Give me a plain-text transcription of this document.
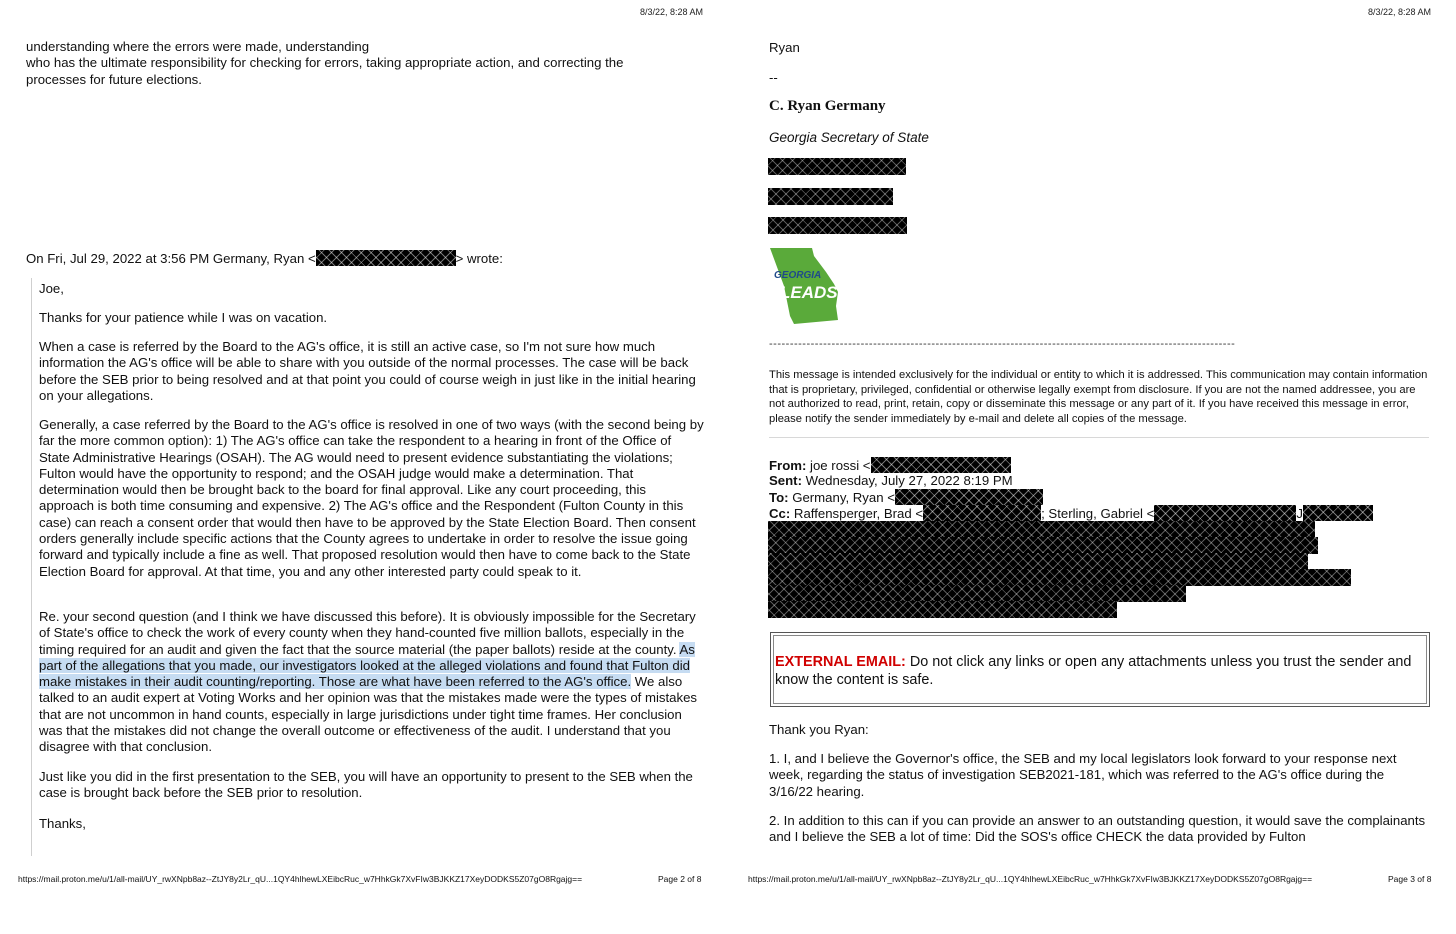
8/3/22, 8:28 AM

understanding where the errors were made, understanding
who has the ultimate responsibility for checking for errors, taking appropriate action, and correcting the
processes for future elections.

On Fri, Jul 29, 2022 at 3:56 PM Germany, Ryan <	> wrote:

Joe,

Thanks for your patience while I was on vacation.

When a case is referred by the Board to the AG's office, it is still an active case, so I'm not sure how much information the AG's office will be able to share with you outside of the normal processes. The case will be back before the SEB prior to being resolved and at that point you could of course weigh in just like in the initial hearing on your allegations.

Generally, a case referred by the Board to the AG's office is resolved in one of two ways (with the second being by far the more common option): 1) The AG's office can take the respondent to a hearing in front of the Office of State Administrative Hearings (OSAH). The AG would need to present evidence substantiating the violations; Fulton would have the opportunity to respond; and the OSAH judge would make a determination. That determination would then be brought back to the board for final approval. Like any court proceeding, this approach is both time consuming and expensive. 2) The AG's office and the Respondent (Fulton County in this case) can reach a consent order that would then have to be approved by the State Election Board. Then consent orders generally include specific actions that the County agrees to undertake in order to resolve the issue going forward and typically include a fine as well. That proposed resolution would then have to come back to the State Election Board for approval. At that time, you and any other interested party could speak to it.

Re. your second question (and I think we have discussed this before). It is obviously impossible for the Secretary of State's office to check the work of every county when they hand-counted five million ballots, especially in the timing required for an audit and given the fact that the source material (the paper ballots) reside at the county. As part of the allegations that you made, our investigators looked at the alleged violations and found that Fulton did make mistakes in their audit counting/reporting. Those are what have been referred to the AG's office. We also talked to an audit expert at Voting Works and her opinion was that the mistakes made were the types of mistakes that are not uncommon in hand counts, especially in large jurisdictions under tight time frames. Her conclusion was that the mistakes did not change the overall outcome or effectiveness of the audit. I understand that you disagree with that conclusion.

Just like you did in the first presentation to the SEB, you will have an opportunity to present to the SEB when the case is brought back before the SEB prior to resolution.

Thanks,

https://mail.proton.me/u/1/all-mail/UY_rwXNpb8az--ZtJY8y2Lr_qU...1QY4hlhewLXEibcRuc_w7HhkGk7XvFIw3BJKKZ17XeyDODKS5Z07gO8Rgajg==	Page 2 of 8
8/3/22, 8:28 AM

Ryan

--

C. Ryan Germany

Georgia Secretary of State

GEORGIA
LEADS
----------------------------------------------------------------------------------------------------------------

This message is intended exclusively for the individual or entity to which it is addressed. This communication may contain information that is proprietary, privileged, confidential or otherwise legally exempt from disclosure. If you are not the named addressee, you are not authorized to read, print, retain, copy or disseminate this message or any part of it. If you have received this message in error, please notify the sender immediately by e-mail and delete all copies of the message.

From: joe rossi <

Sent: Wednesday, July 27, 2022 8:19 PM

To: Germany, Ryan <

Cc: Raffensperger, Brad <	; Sterling, Gabriel <	J

EXTERNAL EMAIL: Do not click any links or open any attachments unless you trust the sender and know the content is safe.

Thank you Ryan:

1. I, and I believe the Governor's office, the SEB and my local legislators look forward to your response next week, regarding the status of investigation SEB2021-181, which was referred to the AG's office during the 3/16/22 hearing.

2. In addition to this can if you can provide an answer to an outstanding question, it would save the complainants and I believe the SEB a lot of time: Did the SOS's office CHECK the data provided by Fulton

https://mail.proton.me/u/1/all-mail/UY_rwXNpb8az--ZtJY8y2Lr_qU...1QY4hlhewLXEibcRuc_w7HhkGk7XvFIw3BJKKZ17XeyDODKS5Z07gO8Rgajg==	Page 3 of 8
